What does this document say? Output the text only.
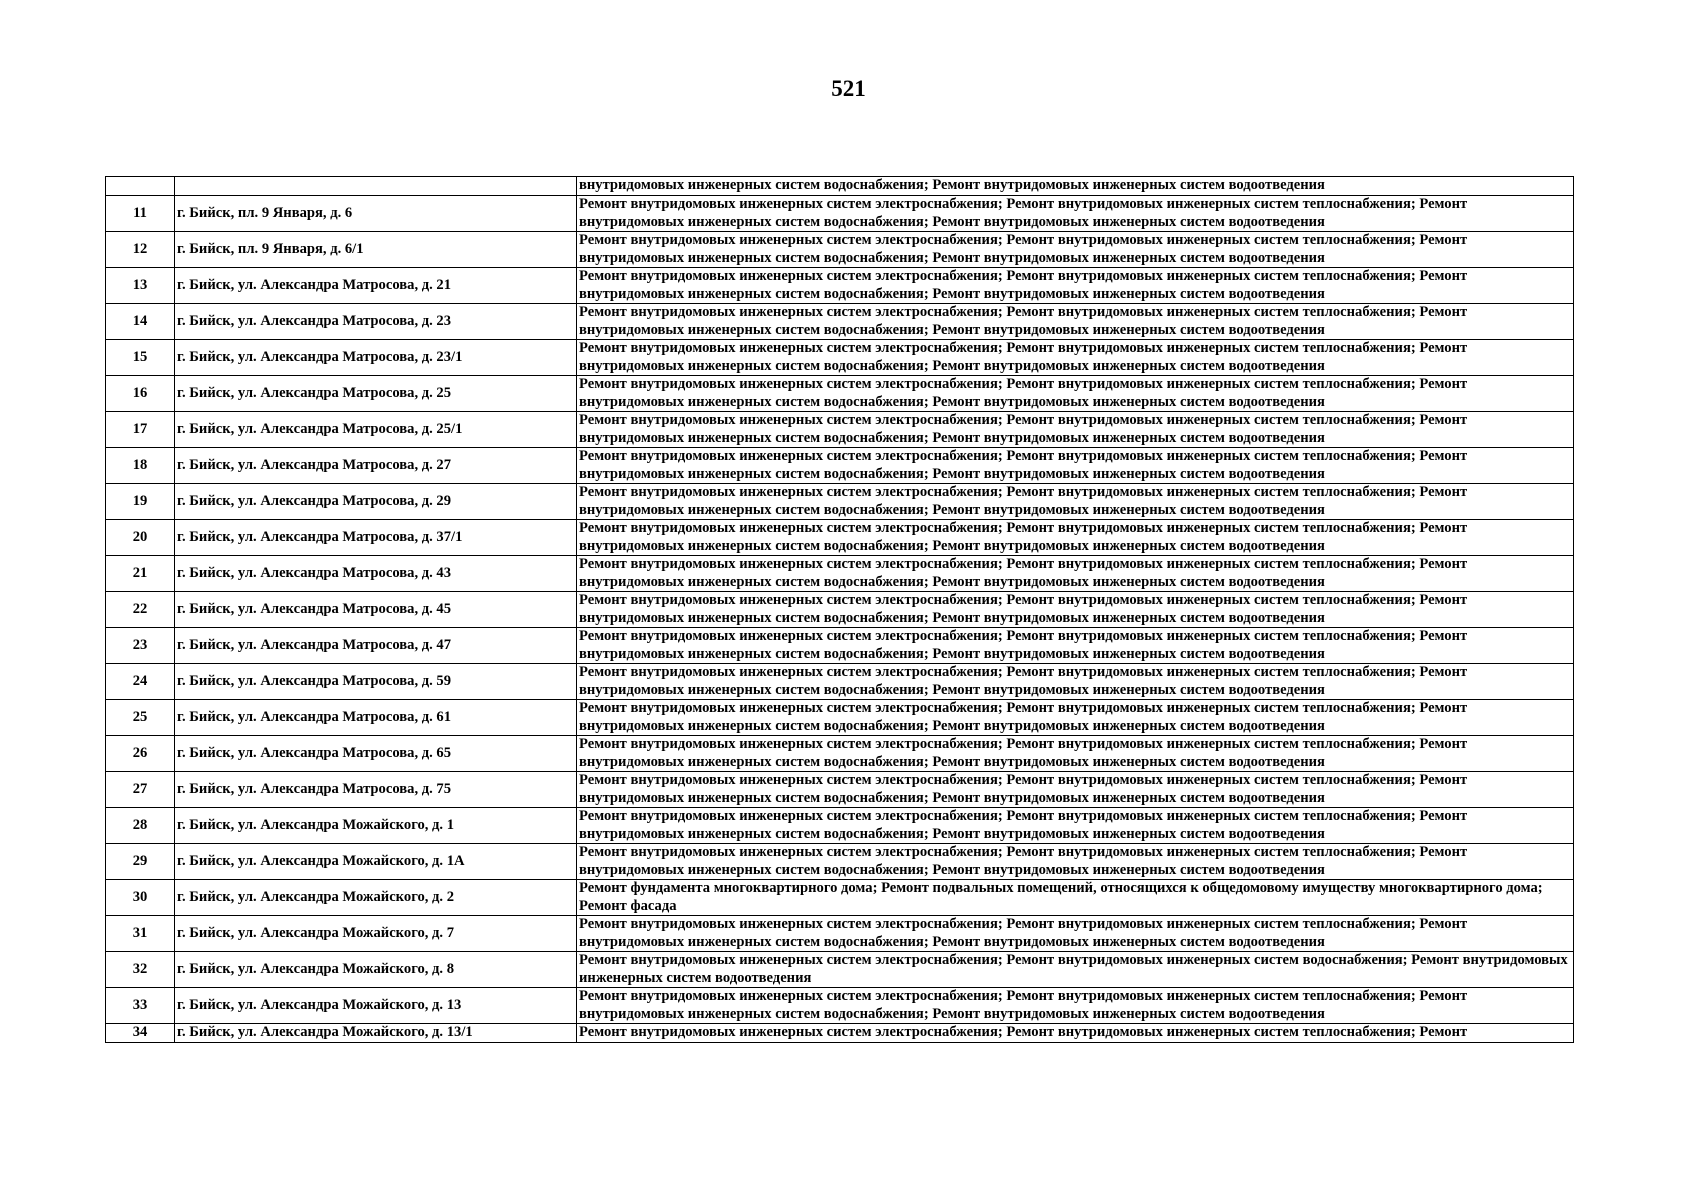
521
		внутридомовых инженерных систем водоснабжения; Ремонт внутридомовых инженерных систем водоотведения
11	г. Бийск, пл. 9 Января, д. 6	Ремонт внутридомовых инженерных систем электроснабжения; Ремонт внутридомовых инженерных систем теплоснабжения; Ремонт внутридомовых инженерных систем водоснабжения; Ремонт внутридомовых инженерных систем водоотведения
12	г. Бийск, пл. 9 Января, д. 6/1	Ремонт внутридомовых инженерных систем электроснабжения; Ремонт внутридомовых инженерных систем теплоснабжения; Ремонт внутридомовых инженерных систем водоснабжения; Ремонт внутридомовых инженерных систем водоотведения
13	г. Бийск, ул. Александра Матросова, д. 21	Ремонт внутридомовых инженерных систем электроснабжения; Ремонт внутридомовых инженерных систем теплоснабжения; Ремонт внутридомовых инженерных систем водоснабжения; Ремонт внутридомовых инженерных систем водоотведения
14	г. Бийск, ул. Александра Матросова, д. 23	Ремонт внутридомовых инженерных систем электроснабжения; Ремонт внутридомовых инженерных систем теплоснабжения; Ремонт внутридомовых инженерных систем водоснабжения; Ремонт внутридомовых инженерных систем водоотведения
15	г. Бийск, ул. Александра Матросова, д. 23/1	Ремонт внутридомовых инженерных систем электроснабжения; Ремонт внутридомовых инженерных систем теплоснабжения; Ремонт внутридомовых инженерных систем водоснабжения; Ремонт внутридомовых инженерных систем водоотведения
16	г. Бийск, ул. Александра Матросова, д. 25	Ремонт внутридомовых инженерных систем электроснабжения; Ремонт внутридомовых инженерных систем теплоснабжения; Ремонт внутридомовых инженерных систем водоснабжения; Ремонт внутридомовых инженерных систем водоотведения
17	г. Бийск, ул. Александра Матросова, д. 25/1	Ремонт внутридомовых инженерных систем электроснабжения; Ремонт внутридомовых инженерных систем теплоснабжения; Ремонт внутридомовых инженерных систем водоснабжения; Ремонт внутридомовых инженерных систем водоотведения
18	г. Бийск, ул. Александра Матросова, д. 27	Ремонт внутридомовых инженерных систем электроснабжения; Ремонт внутридомовых инженерных систем теплоснабжения; Ремонт внутридомовых инженерных систем водоснабжения; Ремонт внутридомовых инженерных систем водоотведения
19	г. Бийск, ул. Александра Матросова, д. 29	Ремонт внутридомовых инженерных систем электроснабжения; Ремонт внутридомовых инженерных систем теплоснабжения; Ремонт внутридомовых инженерных систем водоснабжения; Ремонт внутридомовых инженерных систем водоотведения
20	г. Бийск, ул. Александра Матросова, д. 37/1	Ремонт внутридомовых инженерных систем электроснабжения; Ремонт внутридомовых инженерных систем теплоснабжения; Ремонт внутридомовых инженерных систем водоснабжения; Ремонт внутридомовых инженерных систем водоотведения
21	г. Бийск, ул. Александра Матросова, д. 43	Ремонт внутридомовых инженерных систем электроснабжения; Ремонт внутридомовых инженерных систем теплоснабжения; Ремонт внутридомовых инженерных систем водоснабжения; Ремонт внутридомовых инженерных систем водоотведения
22	г. Бийск, ул. Александра Матросова, д. 45	Ремонт внутридомовых инженерных систем электроснабжения; Ремонт внутридомовых инженерных систем теплоснабжения; Ремонт внутридомовых инженерных систем водоснабжения; Ремонт внутридомовых инженерных систем водоотведения
23	г. Бийск, ул. Александра Матросова, д. 47	Ремонт внутридомовых инженерных систем электроснабжения; Ремонт внутридомовых инженерных систем теплоснабжения; Ремонт внутридомовых инженерных систем водоснабжения; Ремонт внутридомовых инженерных систем водоотведения
24	г. Бийск, ул. Александра Матросова, д. 59	Ремонт внутридомовых инженерных систем электроснабжения; Ремонт внутридомовых инженерных систем теплоснабжения; Ремонт внутридомовых инженерных систем водоснабжения; Ремонт внутридомовых инженерных систем водоотведения
25	г. Бийск, ул. Александра Матросова, д. 61	Ремонт внутридомовых инженерных систем электроснабжения; Ремонт внутридомовых инженерных систем теплоснабжения; Ремонт внутридомовых инженерных систем водоснабжения; Ремонт внутридомовых инженерных систем водоотведения
26	г. Бийск, ул. Александра Матросова, д. 65	Ремонт внутридомовых инженерных систем электроснабжения; Ремонт внутридомовых инженерных систем теплоснабжения; Ремонт внутридомовых инженерных систем водоснабжения; Ремонт внутридомовых инженерных систем водоотведения
27	г. Бийск, ул. Александра Матросова, д. 75	Ремонт внутридомовых инженерных систем электроснабжения; Ремонт внутридомовых инженерных систем теплоснабжения; Ремонт внутридомовых инженерных систем водоснабжения; Ремонт внутридомовых инженерных систем водоотведения
28	г. Бийск, ул. Александра Можайского, д. 1	Ремонт внутридомовых инженерных систем электроснабжения; Ремонт внутридомовых инженерных систем теплоснабжения; Ремонт внутридомовых инженерных систем водоснабжения; Ремонт внутридомовых инженерных систем водоотведения
29	г. Бийск, ул. Александра Можайского, д. 1А	Ремонт внутридомовых инженерных систем электроснабжения; Ремонт внутридомовых инженерных систем теплоснабжения; Ремонт внутридомовых инженерных систем водоснабжения; Ремонт внутридомовых инженерных систем водоотведения
30	г. Бийск, ул. Александра Можайского, д. 2	Ремонт фундамента многоквартирного дома; Ремонт подвальных помещений, относящихся к общедомовому имуществу многоквартирного дома; Ремонт фасада
31	г. Бийск, ул. Александра Можайского, д. 7	Ремонт внутридомовых инженерных систем электроснабжения; Ремонт внутридомовых инженерных систем теплоснабжения; Ремонт внутридомовых инженерных систем водоснабжения; Ремонт внутридомовых инженерных систем водоотведения
32	г. Бийск, ул. Александра Можайского, д. 8	Ремонт внутридомовых инженерных систем электроснабжения; Ремонт внутридомовых инженерных систем водоснабжения; Ремонт внутридомовых инженерных систем водоотведения
33	г. Бийск, ул. Александра Можайского, д. 13	Ремонт внутридомовых инженерных систем электроснабжения; Ремонт внутридомовых инженерных систем теплоснабжения; Ремонт внутридомовых инженерных систем водоснабжения; Ремонт внутридомовых инженерных систем водоотведения
34	г. Бийск, ул. Александра Можайского, д. 13/1	Ремонт внутридомовых инженерных систем электроснабжения; Ремонт внутридомовых инженерных систем теплоснабжения; Ремонт
